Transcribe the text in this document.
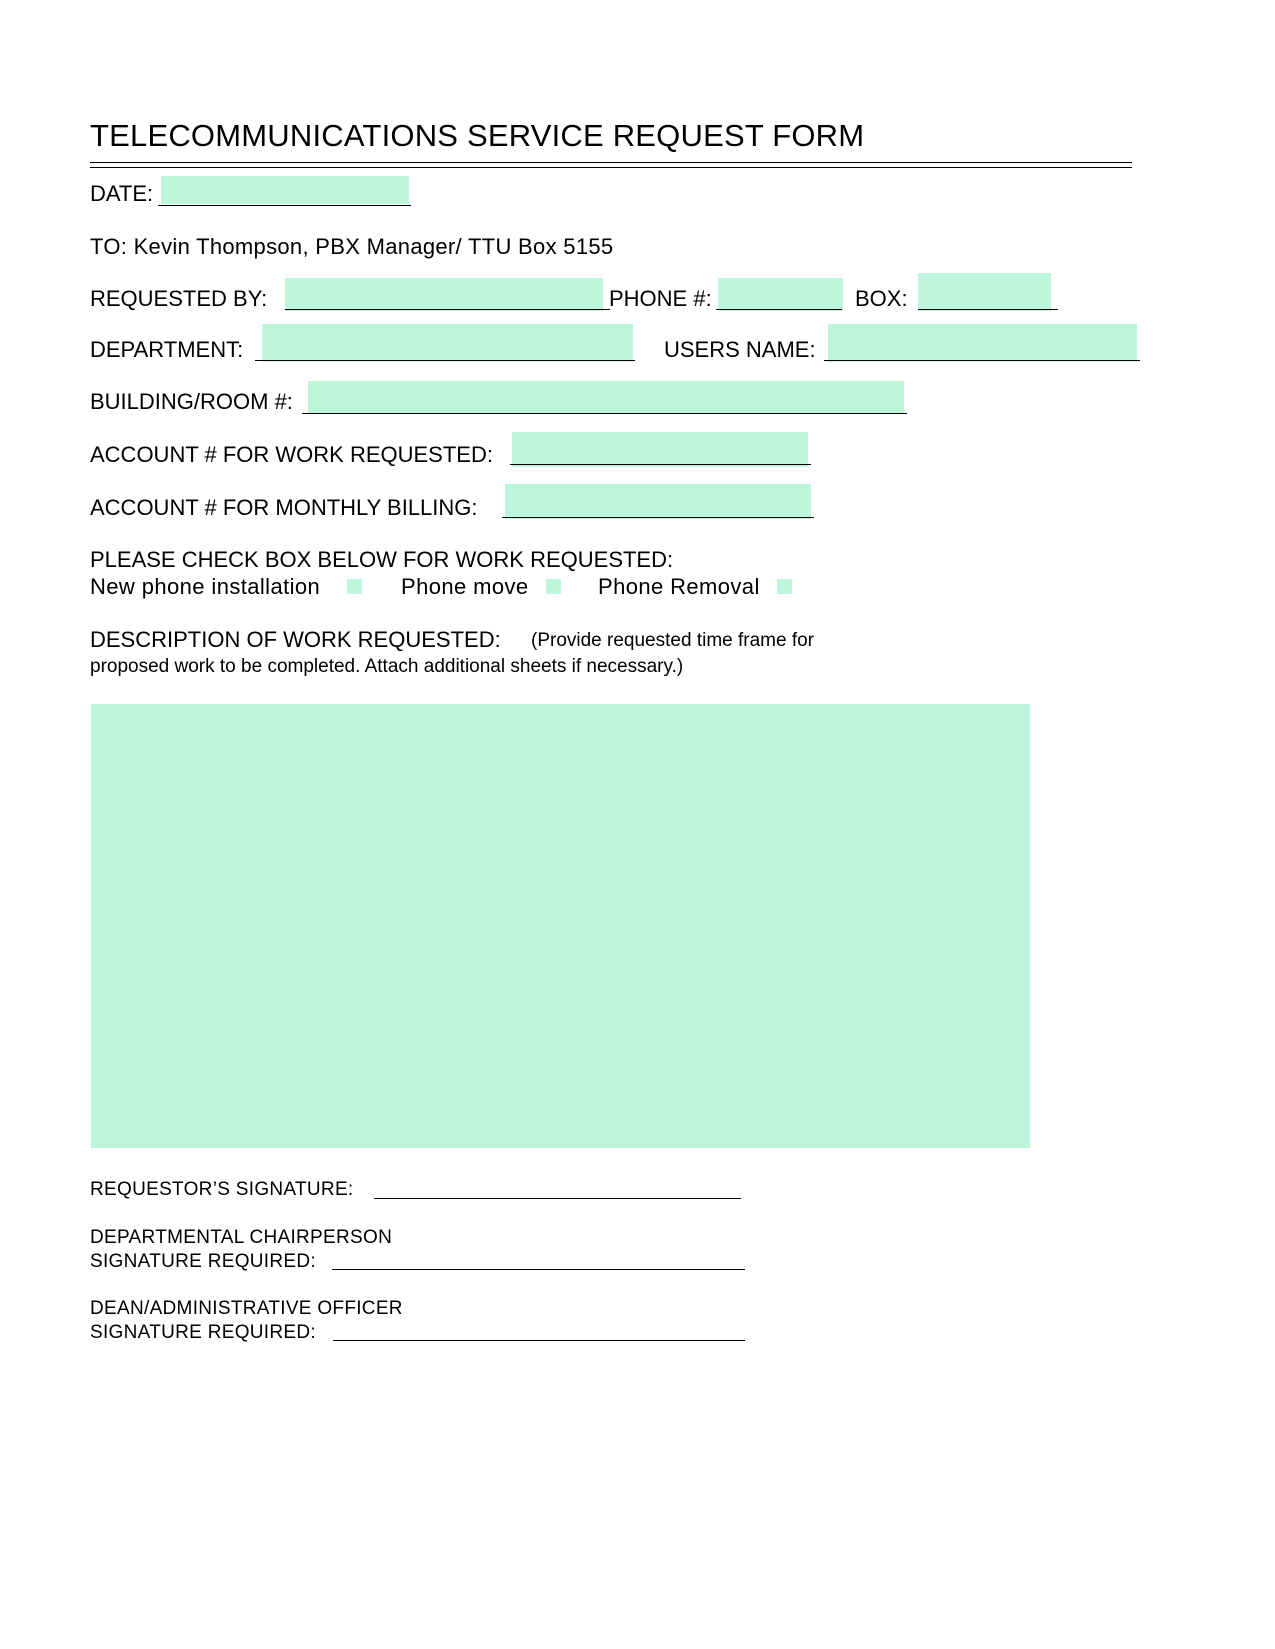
TELECOMMUNICATIONS SERVICE REQUEST FORM
DATE:
TO: Kevin Thompson, PBX Manager/ TTU Box 5155
REQUESTED BY:	PHONE #:	BOX:
DEPARTMENT:	USERS NAME:
BUILDING/ROOM #:
ACCOUNT # FOR WORK REQUESTED:
ACCOUNT # FOR MONTHLY BILLING:
PLEASE CHECK BOX BELOW FOR WORK REQUESTED:
New phone installation	Phone move	Phone Removal
DESCRIPTION OF WORK REQUESTED: (Provide requested time frame for
proposed work to be completed. Attach additional sheets if necessary.)
REQUESTOR’S SIGNATURE:
DEPARTMENTAL CHAIRPERSON
SIGNATURE REQUIRED:
DEAN/ADMINISTRATIVE OFFICER
SIGNATURE REQUIRED:
